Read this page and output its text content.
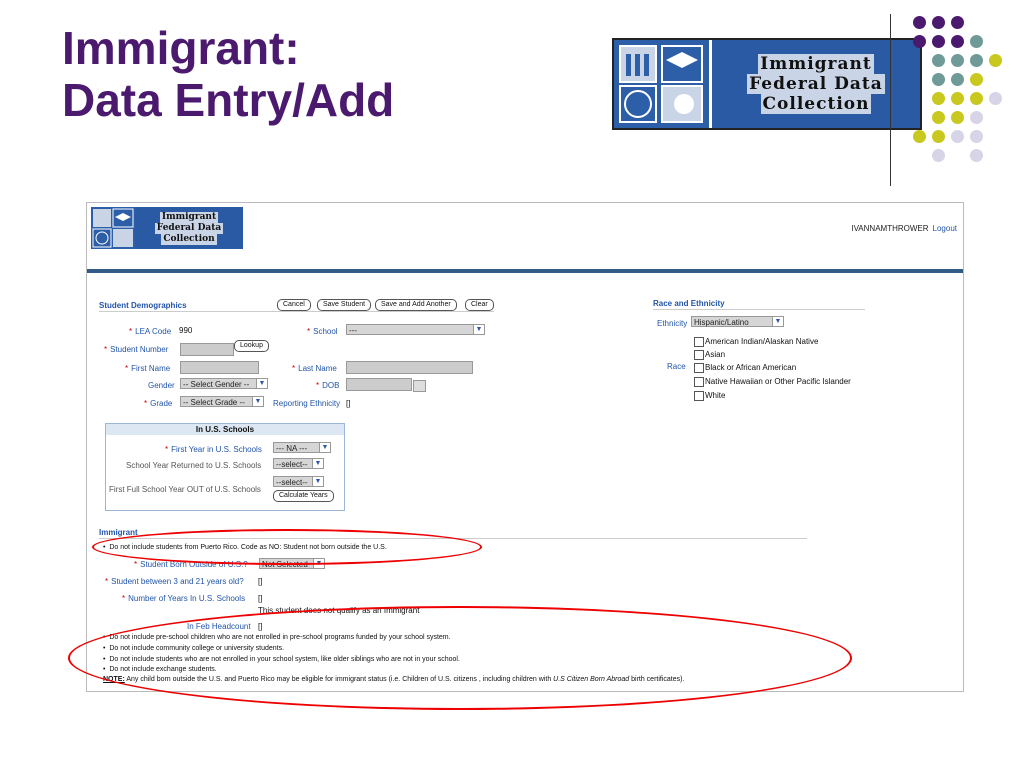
Immigrant:
Data Entry/Add
Immigrant
Federal Data
Collection
Immigrant
Federal Data
Collection
IVANNAMTHROWER Logout
Student Demographics	Cancel	Save Student	Save and Add Another	Clear
* LEA Code 990	* School	---	▼
* Student Number	Lookup
* First Name	* Last Name
Gender	-- Select Gender --	▼	* DOB
* Grade	-- Select Grade --	▼ Reporting Ethnicity []
Race and Ethnicity
Ethnicity Hispanic/Latino	▼
Race
American Indian/Alaskan Native
Asian
Black or African American
Native Hawaiian or Other Pacific Islander
White
In U.S. Schools
* First Year in U.S. Schools	--- NA ---	▼
School Year Returned to U.S. Schools	--select-- ▼
First Full School Year OUT of U.S. Schools
--select-- ▼
Calculate Years
Immigrant
•  Do not include students from Puerto Rico. Code as NO: Student not born outside the U.S.
* Student Born Outside of U.S.?	Not Selected	▼
* Student between 3 and 21 years old? []
* Number of Years In U.S. Schools []
This student does not qualify as an Immigrant
In Feb Headcount []
•  Do not include pre-school children who are not enrolled in pre-school programs funded by your school system.
•  Do not include community college or university students.
•  Do not include students who are not enrolled in your school system, like older siblings who are not in your school.
•  Do not include exchange students.
NOTE: Any child born outside the U.S. and Puerto Rico may be eligible for immigrant status (i.e. Children of U.S. citizens , including children with U.S Citizen Born Abroad birth certificates).
